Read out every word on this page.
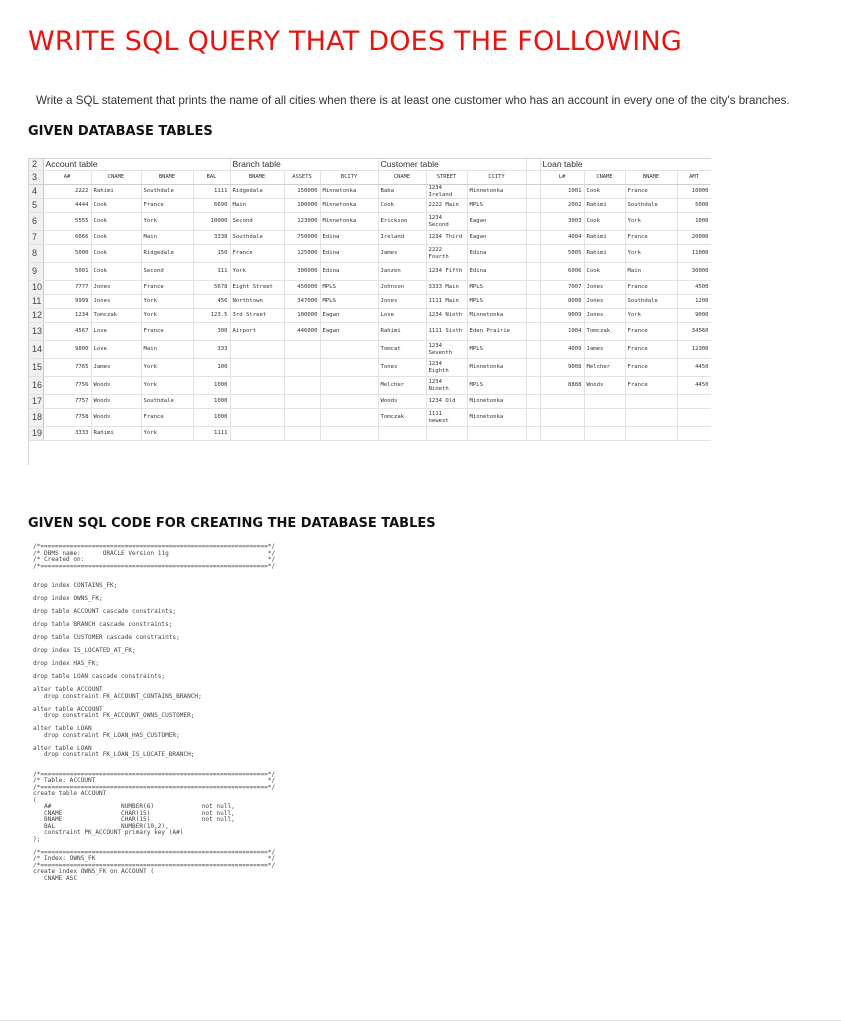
WRITE SQL QUERY THAT DOES THE FOLLOWING
Write a SQL statement that prints the name of all cities when there is at least one customer who has an account in every one of the city's branches.
GIVEN DATABASE TABLES
2	Account table				Branch table			Customer table				Loan table				
3	A#	CNAME	BNAME	BAL	BNAME	ASSETS	BCITY	CNAME	STREET	CCITY		L#	CNAME	BNAME	AMT	
4	2222	Rahimi	Southdale	1111	Ridgedale	150000	Minnetonka	Baba	1234 Ireland	Minnetonka		1001	Cook	France	10000	
5	4444	Cook	France	6690	Main	100000	Minnetonka	Cook	2222 Main	MPLS		2002	Rahimi	Southdale	5000	
6	5555	Cook	York	10000	Second	123000	Minnetonka	Erickson	1234 Second	Eagan		3003	Cook	York	1000	
7	6666	Cook	Main	3338	Southdale	750000	Edina	Ireland	1234 Third	Eagan		4004	Rahimi	France	20000	
8	5000	Cook	Ridgedale	150	France	125000	Edina	James	2222 Fourth	Edina		5005	Rahimi	York	11000	
9	5001	Cook	Second	111	York	300000	Edina	Janzen	1234 Fifth	Edina		6006	Cook	Main	30000	
10	7777	Jones	France	5678	Eight Street	450000	MPLS	Johnson	3333 Main	MPLS		7007	Jones	France	4500	
11	9999	Jones	York	456	Northtown	347000	MPLS	Jones	1111 Main	MPLS		8008	Jones	Southdale	1200	
12	1234	Tomczak	York	123.5	3rd Street	100000	Eagan	Love	1234 Ninth	Minnetonka		9009	Jones	York	9000	
13	4567	Love	France	300	Airport	446000	Eagan	Rahimi	1111 Sixth	Eden Prairie		1004	Tomczak	France	34560	
14	9800	Love	Main	333				Tomcat	1234 Seventh	MPLS		4009	James	France	12300	
15	7765	James	York	100				Tones	1234 Eighth	Minnetonka		9008	Melcher	France	4450	
16	7756	Woods	York	1000				Melcher	1234 Nineth	MPLS		8888	Woods	France	4450	
17	7757	Woods	Southdale	1000				Woods	1234 Old	Minnetonka						
18	7758	Woods	France	1000				Tomczak	1111 newest	Minnetonka						
19	3333	Rahimi	York	1111												
GIVEN SQL CODE FOR CREATING THE DATABASE TABLES
/*==============================================================*/
/* DBMS name:      ORACLE Version 11g                           */
/* Created on:                                                  */
/*==============================================================*/

drop index CONTAINS_FK;

drop index OWNS_FK;

drop table ACCOUNT cascade constraints;

drop table BRANCH cascade constraints;

drop table CUSTOMER cascade constraints;

drop index IS_LOCATED_AT_FK;

drop index HAS_FK;

drop table LOAN cascade constraints;

alter table ACCOUNT
drop constraint FK_ACCOUNT_CONTAINS_BRANCH;

alter table ACCOUNT
drop constraint FK_ACCOUNT_OWNS_CUSTOMER;

alter table LOAN
drop constraint FK_LOAN_HAS_CUSTOMER;

alter table LOAN
drop constraint FK_LOAN_IS_LOCATE_BRANCH;

/*==============================================================*/
/* Table: ACCOUNT                                               */
/*==============================================================*/
create table ACCOUNT
(
A#                   NUMBER(6)             not null,
CNAME                CHAR(15)              not null,
BNAME                CHAR(15)              not null,
BAL                  NUMBER(10,2),
constraint PK_ACCOUNT primary key (A#)
);

/*==============================================================*/
/* Index: OWNS_FK                                               */
/*==============================================================*/
create index OWNS_FK on ACCOUNT (
CNAME ASC
